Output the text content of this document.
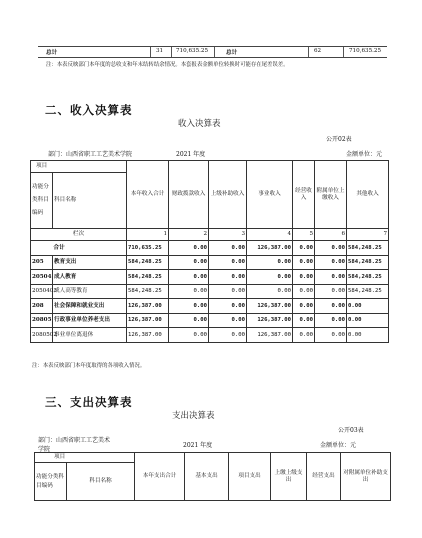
总计	31 710,635.25	总计	62	710,635.25
注：本表反映部门本年度的总收支和年末结转结余情况。本套报表金额单位转换时可能存在尾差误差。
二、收入决算表
收入决算表
公开02表
部门：山西省职工工艺美术学院	2021 年度	金额单位：元
项目		本年收入合计	财政拨款收入	上级补助收入	事业收入	经营收入	附属单位上缴收入	其他收入
功能分类科目编码	科目名称							

栏次		1	2	3	4	5	6	7
	合计	710,635.25	0.00	0.00	126,387.00	0.00	0.00	584,248.25
205	教育支出	584,248.25	0.00	0.00	0.00	0.00	0.00	584,248.25
20504	成人教育	584,248.25	0.00	0.00	0.00	0.00	0.00	584,248.25
2050403	成人高等教育	584,248.25	0.00	0.00	0.00	0.00	0.00	584,248.25
208	社会保障和就业支出	126,387.00	0.00	0.00	126,387.00	0.00	0.00	0.00
20805	行政事业单位养老支出	126,387.00	0.00	0.00	126,387.00	0.00	0.00	0.00
2080502	事业单位离退休	126,387.00	0.00	0.00	126,387.00	0.00	0.00	0.00
注：本表反映部门本年度取得的各项收入情况。
三、支出决算表
支出决算表
公开03表
部门：山西省职工工艺美术
学院
2021 年度	金额单位：元
项目		本年支出合计	基本支出	项目支出	上缴上级支出	经营支出	对附属单位补助支出
功能分类科目编码	科目名称						
